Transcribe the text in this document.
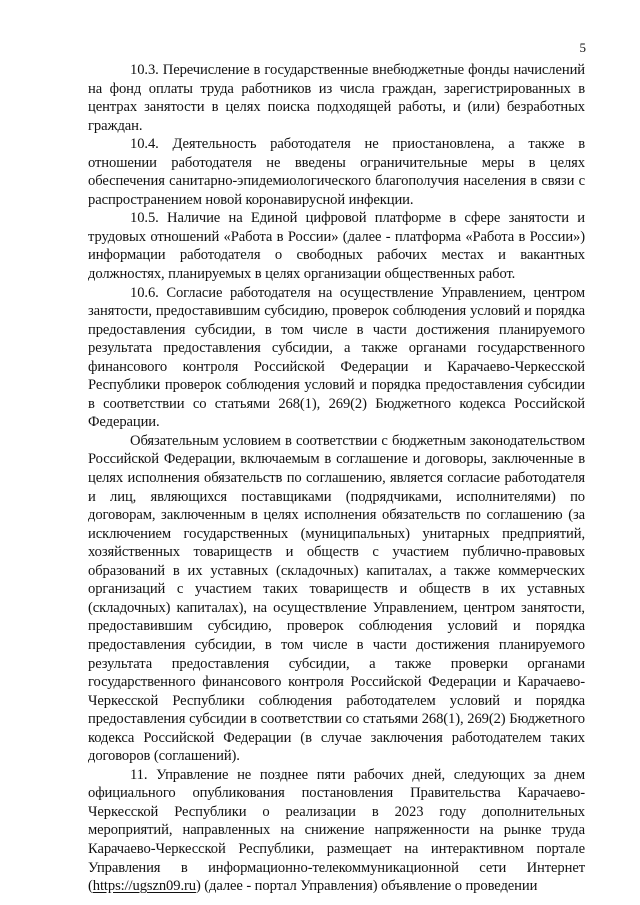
5

10.3. Перечисление в государственные внебюджетные фонды начислений на фонд оплаты труда работников из числа граждан, зарегистрированных в центрах занятости в целях поиска подходящей работы, и (или) безработных граждан.

10.4. Деятельность работодателя не приостановлена, а также в отношении работодателя не введены ограничительные меры в целях обеспечения санитарно-эпидемиологического благополучия населения в связи с распространением новой коронавирусной инфекции.

10.5. Наличие на Единой цифровой платформе в сфере занятости и трудовых отношений «Работа в России» (далее - платформа «Работа в России») информации работодателя о свободных рабочих местах и вакантных должностях, планируемых в целях организации общественных работ.

10.6. Согласие работодателя на осуществление Управлением, центром занятости, предоставившим субсидию, проверок соблюдения условий и порядка предоставления субсидии, в том числе в части достижения планируемого результата предоставления субсидии, а также органами государственного финансового контроля Российской Федерации и Карачаево-Черкесской Республики проверок соблюдения условий и порядка предоставления субсидии в соответствии со статьями 268(1), 269(2) Бюджетного кодекса Российской Федерации.

Обязательным условием в соответствии с бюджетным законодательством Российской Федерации, включаемым в соглашение и договоры, заключенные в целях исполнения обязательств по соглашению, является согласие работодателя и лиц, являющихся поставщиками (подрядчиками, исполнителями) по договорам, заключенным в целях исполнения обязательств по соглашению (за исключением государственных (муниципальных) унитарных предприятий, хозяйственных товариществ и обществ с участием публично-правовых образований в их уставных (складочных) капиталах, а также коммерческих организаций с участием таких товариществ и обществ в их уставных (складочных) капиталах), на осуществление Управлением, центром занятости, предоставившим субсидию, проверок соблюдения условий и порядка предоставления субсидии, в том числе в части достижения планируемого результата предоставления субсидии, а также проверки органами государственного финансового контроля Российской Федерации и Карачаево-Черкесской Республики соблюдения работодателем условий и порядка предоставления субсидии в соответствии со статьями 268(1), 269(2) Бюджетного кодекса Российской Федерации (в случае заключения работодателем таких договоров (соглашений).

11. Управление не позднее пяти рабочих дней, следующих за днем официального опубликования постановления Правительства Карачаево-Черкесской Республики о реализации в 2023 году дополнительных мероприятий, направленных на снижение напряженности на рынке труда Карачаево-Черкесской Республики, размещает на интерактивном портале Управления в информационно-телекоммуникационной сети Интернет (https://ugszn09.ru) (далее - портал Управления) объявление о проведении
